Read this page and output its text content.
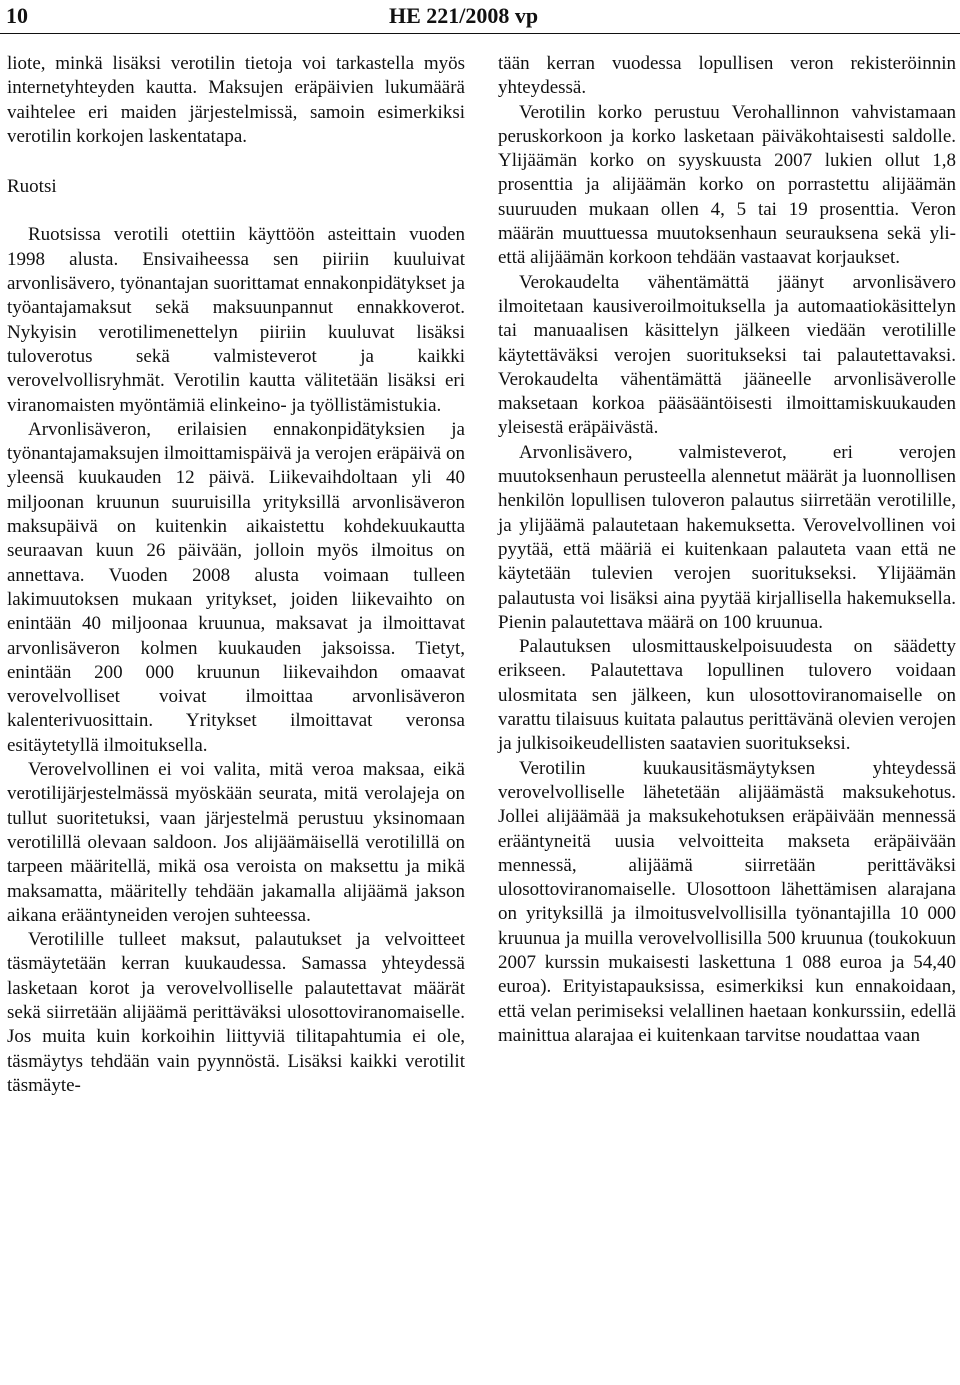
10	HE 221/2008 vp

liote, minkä lisäksi verotilin tietoja voi tarkastella myös internetyhteyden kautta. Maksujen eräpäivien lukumäärä vaihtelee eri maiden järjestelmissä, samoin esimerkiksi verotilin korkojen laskentatapa.

Ruotsi

Ruotsissa verotili otettiin käyttöön asteittain vuoden 1998 alusta. Ensivaiheessa sen piiriin kuuluivat arvonlisävero, työnantajan suorittamat ennakonpidätykset ja työantajamaksut sekä maksuunpannut ennakkoverot. Nykyisin verotilimenettelyn piiriin kuuluvat lisäksi tuloverotus sekä valmisteverot ja kaikki verovelvollisryhmät. Verotilin kautta välitetään lisäksi eri viranomaisten myöntämiä elinkeino- ja työllistämistukia.

Arvonlisäveron, erilaisien ennakonpidätyksien ja työnantajamaksujen ilmoittamispäivä ja verojen eräpäivä on yleensä kuukauden 12 päivä. Liikevaihdoltaan yli 40 miljoonan kruunun suuruisilla yrityksillä arvonlisäveron maksupäivä on kuitenkin aikaistettu kohdekuukautta seuraavan kuun 26 päivään, jolloin myös ilmoitus on annettava. Vuoden 2008 alusta voimaan tulleen lakimuutoksen mukaan yritykset, joiden liikevaihto on enintään 40 miljoonaa kruunua, maksavat ja ilmoittavat arvonlisäveron kolmen kuukauden jaksoissa. Tietyt, enintään 200 000 kruunun liikevaihdon omaavat verovelvolliset voivat ilmoittaa arvonlisäveron kalenterivuosittain. Yritykset ilmoittavat veronsa esitäytetyllä ilmoituksella.

Verovelvollinen ei voi valita, mitä veroa maksaa, eikä verotilijärjestelmässä myöskään seurata, mitä verolajeja on tullut suoritetuksi, vaan järjestelmä perustuu yksinomaan verotilillä olevaan saldoon. Jos alijäämäisellä verotilillä on tarpeen määritellä, mikä osa veroista on maksettu ja mikä maksamatta, määritelly tehdään jakamalla alijäämä jakson aikana erääntyneiden verojen suhteessa.

Verotilille tulleet maksut, palautukset ja velvoitteet täsmäytetään kerran kuukaudessa. Samassa yhteydessä lasketaan korot ja verovelvolliselle palautettavat määrät sekä siirretään alijäämä perittäväksi ulosottoviranomaiselle. Jos muita kuin korkoihin liittyviä tilitapahtumia ei ole, täsmäytys tehdään vain pyynnöstä. Lisäksi kaikki verotilit täsmäyte-

tään kerran vuodessa lopullisen veron rekisteröinnin yhteydessä.

Verotilin korko perustuu Verohallinnon vahvistamaan peruskorkoon ja korko lasketaan päiväkohtaisesti saldolle. Ylijäämän korko on syyskuusta 2007 lukien ollut 1,8 prosenttia ja alijäämän korko on porrastettu alijäämän suuruuden mukaan ollen 4, 5 tai 19 prosenttia. Veron määrän muuttuessa muutoksenhaun seurauksena sekä yli- että alijäämän korkoon tehdään vastaavat korjaukset.

Verokaudelta vähentämättä jäänyt arvonlisävero ilmoitetaan kausiveroilmoituksella ja automaatiokäsittelyn tai manuaalisen käsittelyn jälkeen viedään verotilille käytettäväksi verojen suoritukseksi tai palautettavaksi. Verokaudelta vähentämättä jääneelle arvonlisäverolle maksetaan korkoa pääsääntöisesti ilmoittamiskuukauden yleisestä eräpäivästä.

Arvonlisävero, valmisteverot, eri verojen muutoksenhaun perusteella alennetut määrät ja luonnollisen henkilön lopullisen tuloveron palautus siirretään verotilille, ja ylijäämä palautetaan hakemuksetta. Verovelvollinen voi pyytää, että määriä ei kuitenkaan palauteta vaan että ne käytetään tulevien verojen suoritukseksi. Ylijäämän palautusta voi lisäksi aina pyytää kirjallisella hakemuksella. Pienin palautettava määrä on 100 kruunua.

Palautuksen ulosmittauskelpoisuudesta on säädetty erikseen. Palautettava lopullinen tulovero voidaan ulosmitata sen jälkeen, kun ulosottoviranomaiselle on varattu tilaisuus kuitata palautus perittävänä olevien verojen ja julkisoikeudellisten saatavien suoritukseksi.

Verotilin kuukausitäsmäytyksen yhteydessä verovelvolliselle lähetetään alijäämästä maksukehotus. Jollei alijäämää ja maksukehotuksen eräpäivään mennessä erääntyneitä uusia velvoitteita makseta eräpäivään mennessä, alijäämä siirretään perittäväksi ulosottoviranomaiselle. Ulosottoon lähettämisen alarajana on yrityksillä ja ilmoitusvelvollisilla työnantajilla 10 000 kruunua ja muilla verovelvollisilla 500 kruunua (toukokuun 2007 kurssin mukaisesti laskettuna 1 088 euroa ja 54,40 euroa). Erityistapauksissa, esimerkiksi kun ennakoidaan, että velan perimiseksi velallinen haetaan konkurssiin, edellä mainittua alarajaa ei kuitenkaan tarvitse noudattaa vaan
